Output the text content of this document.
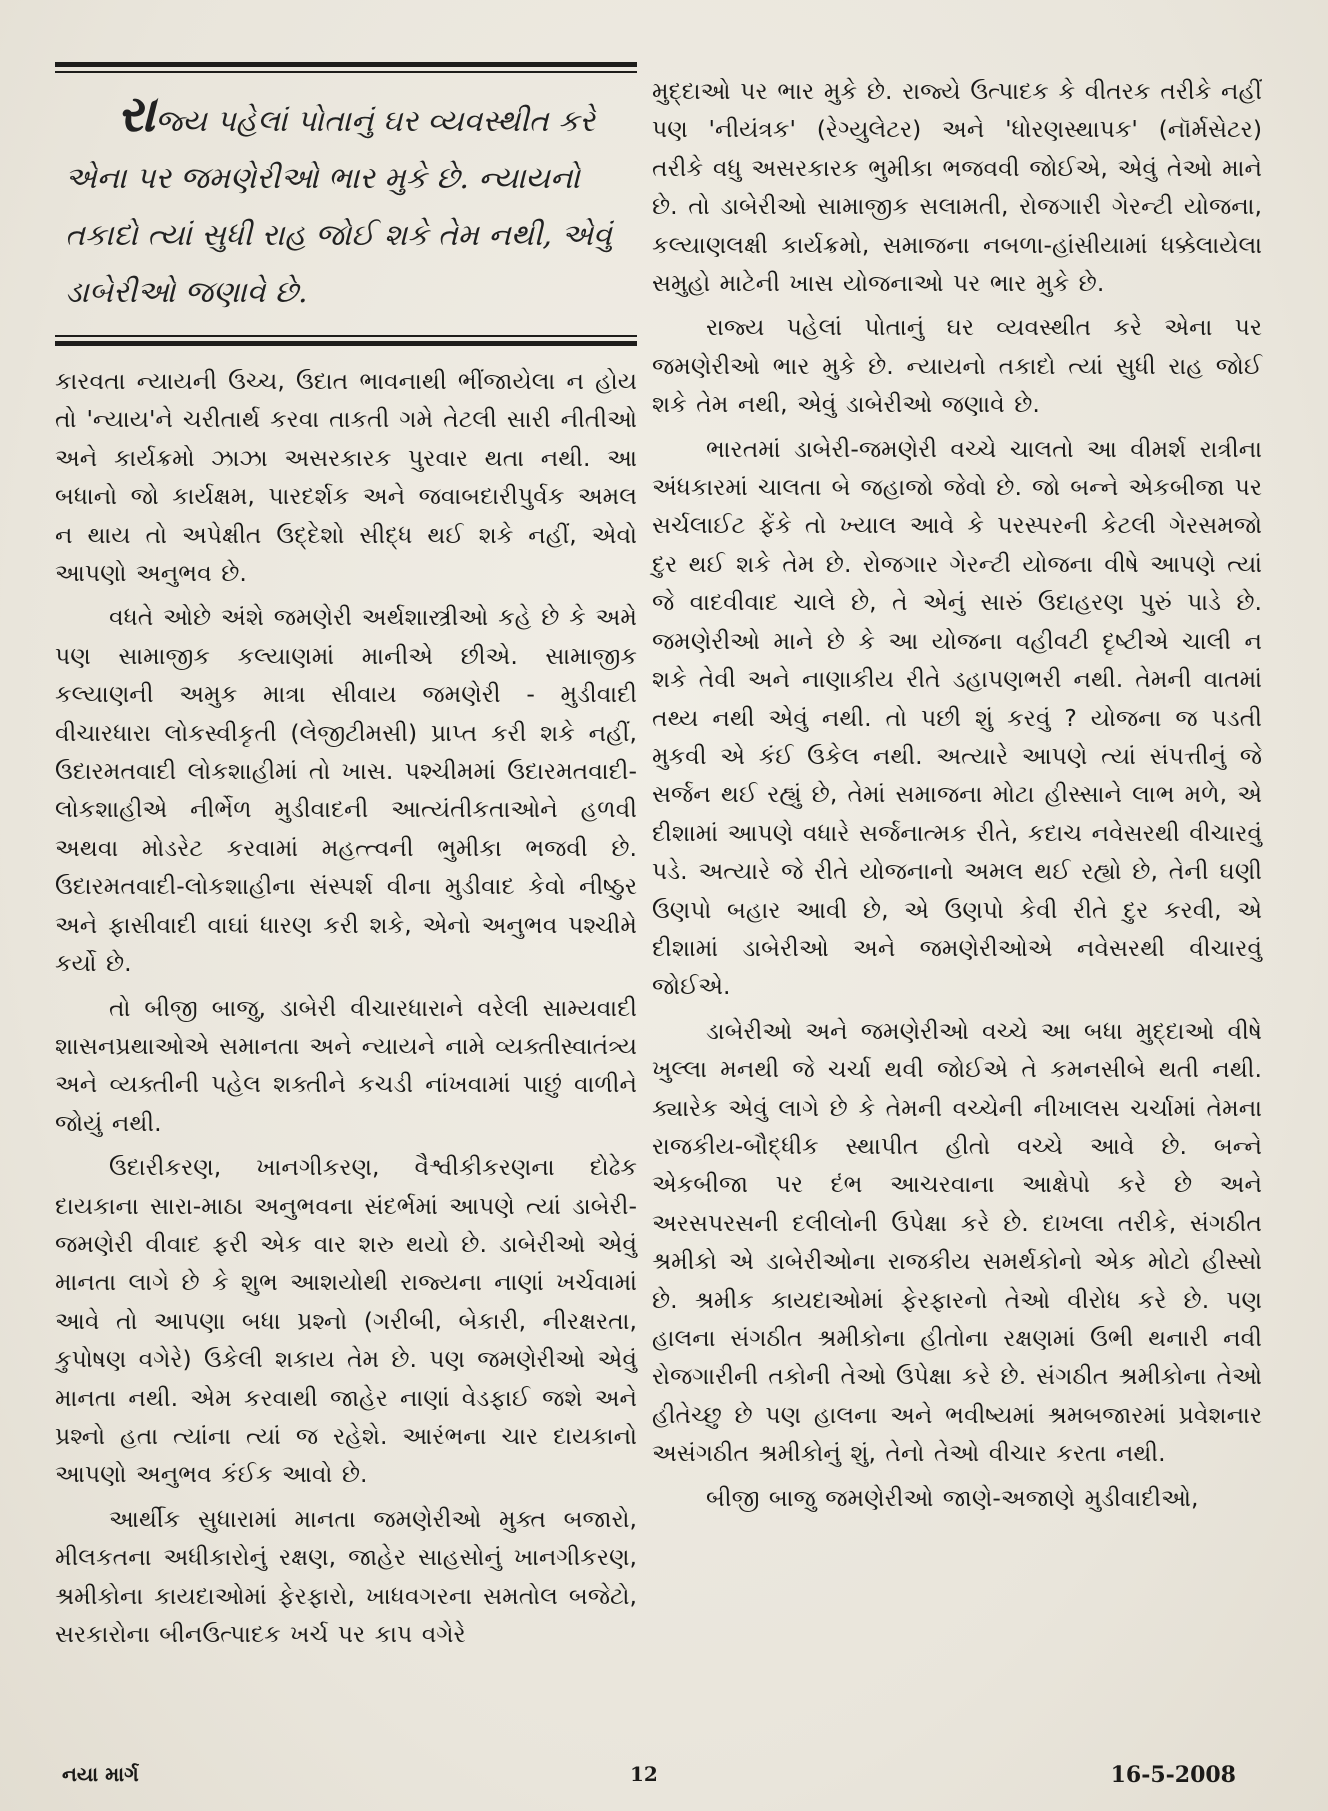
રાજ્ય પહેલાં પોતાનું ઘર વ્યવસ્થીત કરે એના પર જમણેરીઓ ભાર મુકે છે. ન્યાયનો તકાદો ત્યાં સુધી રાહ જોઈ શકે તેમ નથી, એવું ડાબેરીઓ જણાવે છે.

કારવતા ન્યાયની ઉચ્ચ, ઉદાત ભાવનાથી ભીંજાયેલા ન હોય તો 'ન્યાય'ને ચરીતાર્થ કરવા તાકતી ગમે તેટલી સારી નીતીઓ અને કાર્યક્રમો ઝાઝા અસરકારક પુરવાર થતા નથી. આ બધાનો જો કાર્યક્ષમ, પારદર્શક અને જવાબદારીપુર્વક અમલ ન થાય તો અપેક્ષીત ઉદ્દેશો સીદ્ધ થઈ શકે નહીં, એવો આપણો અનુભવ છે.

વધતે ઓછે અંશે જમણેરી અર્થશાસ્ત્રીઓ કહે છે કે અમે પણ સામાજીક કલ્યાણમાં માનીએ છીએ. સામાજીક કલ્યાણની અમુક માત્રા સીવાય જમણેરી - મુડીવાદી વીચારધારા લોકસ્વીકૃતી (લેજીટીમસી) પ્રાપ્ત કરી શકે નહીં, ઉદારમતવાદી લોકશાહીમાં તો ખાસ. પશ્ચીમમાં ઉદારમતવાદી-લોકશાહીએ નીર્ભેળ મુડીવાદની આત્યંતીકતાઓને હળવી અથવા મોડરેટ કરવામાં મહત્ત્વની ભુમીકા ભજવી છે. ઉદારમતવાદી-લોકશાહીના સંસ્પર્શ વીના મુડીવાદ કેવો નીષ્ઠુર અને ફાસીવાદી વાઘાં ધારણ કરી શકે, એનો અનુભવ પશ્ચીમે કર્યો છે.

તો બીજી બાજુ, ડાબેરી વીચારધારાને વરેલી સામ્યવાદી શાસનપ્રથાઓએ સમાનતા અને ન્યાયને નામે વ્યક્તીસ્વાતંત્ર્ય અને વ્યક્તીની પહેલ શક્તીને કચડી નાંખવામાં પાછું વાળીને જોયું નથી.

ઉદારીકરણ, ખાનગીકરણ, વૈશ્વીકીકરણના દોઢેક દાયકાના સારા-માઠા અનુભવના સંદર્ભમાં આપણે ત્યાં ડાબેરી-જમણેરી વીવાદ ફરી એક વાર શરુ થયો છે. ડાબેરીઓ એવું માનતા લાગે છે કે શુભ આશયોથી રાજ્યના નાણાં ખર્ચવામાં આવે તો આપણા બધા પ્રશ્નો (ગરીબી, બેકારી, નીરક્ષરતા, કુપોષણ વગેરે) ઉકેલી શકાય તેમ છે. પણ જમણેરીઓ એવું માનતા નથી. એમ કરવાથી જાહેર નાણાં વેડફાઈ જશે અને પ્રશ્નો હતા ત્યાંના ત્યાં જ રહેશે. આરંભના ચાર દાયકાનો આપણો અનુભવ કંઈક આવો છે.

આર્થીક સુધારામાં માનતા જમણેરીઓ મુક્ત બજારો, મીલકતના અધીકારોનું રક્ષણ, જાહેર સાહસોનું ખાનગીકરણ, શ્રમીકોના કાયદાઓમાં ફેરફારો, ખાધવગરના સમતોલ બજેટો, સરકારોના બીનઉત્પાદક ખર્ચ પર કાપ વગેરે

મુદ્દાઓ પર ભાર મુકે છે. રાજ્યે ઉત્પાદક કે વીતરક તરીકે નહીં પણ 'નીયંત્રક' (રેગ્યુલેટર) અને 'ધોરણસ્થાપક' (નૉર્મસેટર) તરીકે વધુ અસરકારક ભુમીકા ભજવવી જોઈએ, એવું તેઓ માને છે. તો ડાબેરીઓ સામાજીક સલામતી, રોજગારી ગેરન્ટી યોજના, કલ્યાણલક્ષી કાર્યક્રમો, સમાજના નબળા-હાંસીયામાં ધક્કેલાયેલા સમુહો માટેની ખાસ યોજનાઓ પર ભાર મુકે છે.

રાજ્ય પહેલાં પોતાનું ઘર વ્યવસ્થીત કરે એના પર જમણેરીઓ ભાર મુકે છે. ન્યાયનો તકાદો ત્યાં સુધી રાહ જોઈ શકે તેમ નથી, એવું ડાબેરીઓ જણાવે છે.

ભારતમાં ડાબેરી-જમણેરી વચ્ચે ચાલતો આ વીમર્શ રાત્રીના અંધકારમાં ચાલતા બે જહાજો જેવો છે. જો બન્ને એકબીજા પર સર્ચલાઈટ ફેંકે તો ખ્યાલ આવે કે પરસ્પરની કેટલી ગેરસમજો દુર થઈ શકે તેમ છે. રોજગાર ગેરન્ટી યોજના વીષે આપણે ત્યાં જે વાદવીવાદ ચાલે છે, તે એનું સારું ઉદાહરણ પુરું પાડે છે. જમણેરીઓ માને છે કે આ યોજના વહીવટી દૃષ્ટીએ ચાલી ન શકે તેવી અને નાણાકીય રીતે ડહાપણભરી નથી. તેમની વાતમાં તથ્ય નથી એવું નથી. તો પછી શું કરવું ? યોજના જ પડતી મુકવી એ કંઈ ઉકેલ નથી. અત્યારે આપણે ત્યાં સંપત્તીનું જે સર્જન થઈ રહ્યું છે, તેમાં સમાજના મોટા હીસ્સાને લાભ મળે, એ દીશામાં આપણે વધારે સર્જનાત્મક રીતે, કદાચ નવેસરથી વીચારવું પડે. અત્યારે જે રીતે યોજનાનો અમલ થઈ રહ્યો છે, તેની ઘણી ઉણપો બહાર આવી છે, એ ઉણપો કેવી રીતે દુર કરવી, એ દીશામાં ડાબેરીઓ અને જમણેરીઓએ નવેસરથી વીચારવું જોઈએ.

ડાબેરીઓ અને જમણેરીઓ વચ્ચે આ બધા મુદ્દાઓ વીષે ખુલ્લા મનથી જે ચર્ચા થવી જોઈએ તે કમનસીબે થતી નથી. ક્યારેક એવું લાગે છે કે તેમની વચ્ચેની નીખાલસ ચર્ચામાં તેમના રાજકીય-બૌદ્ધીક સ્થાપીત હીતો વચ્ચે આવે છે. બન્ને એકબીજા પર દંભ આચરવાના આક્ષેપો કરે છે અને અરસપરસની દલીલોની ઉપેક્ષા કરે છે. દાખલા તરીકે, સંગઠીત શ્રમીકો એ ડાબેરીઓના રાજકીય સમર્થકોનો એક મોટો હીસ્સો છે. શ્રમીક કાયદાઓમાં ફેરફારનો તેઓ વીરોધ કરે છે. પણ હાલના સંગઠીત શ્રમીકોના હીતોના રક્ષણમાં ઉભી થનારી નવી રોજગારીની તકોની તેઓ ઉપેક્ષા કરે છે. સંગઠીત શ્રમીકોના તેઓ હીતેચ્છુ છે પણ હાલના અને ભવીષ્યમાં શ્રમબજારમાં પ્રવેશનાર અસંગઠીત શ્રમીકોનું શું, તેનો તેઓ વીચાર કરતા નથી.

બીજી બાજુ જમણેરીઓ જાણે-અજાણે મુડીવાદીઓ,

નયા માર્ગ	12	16-5-2008
